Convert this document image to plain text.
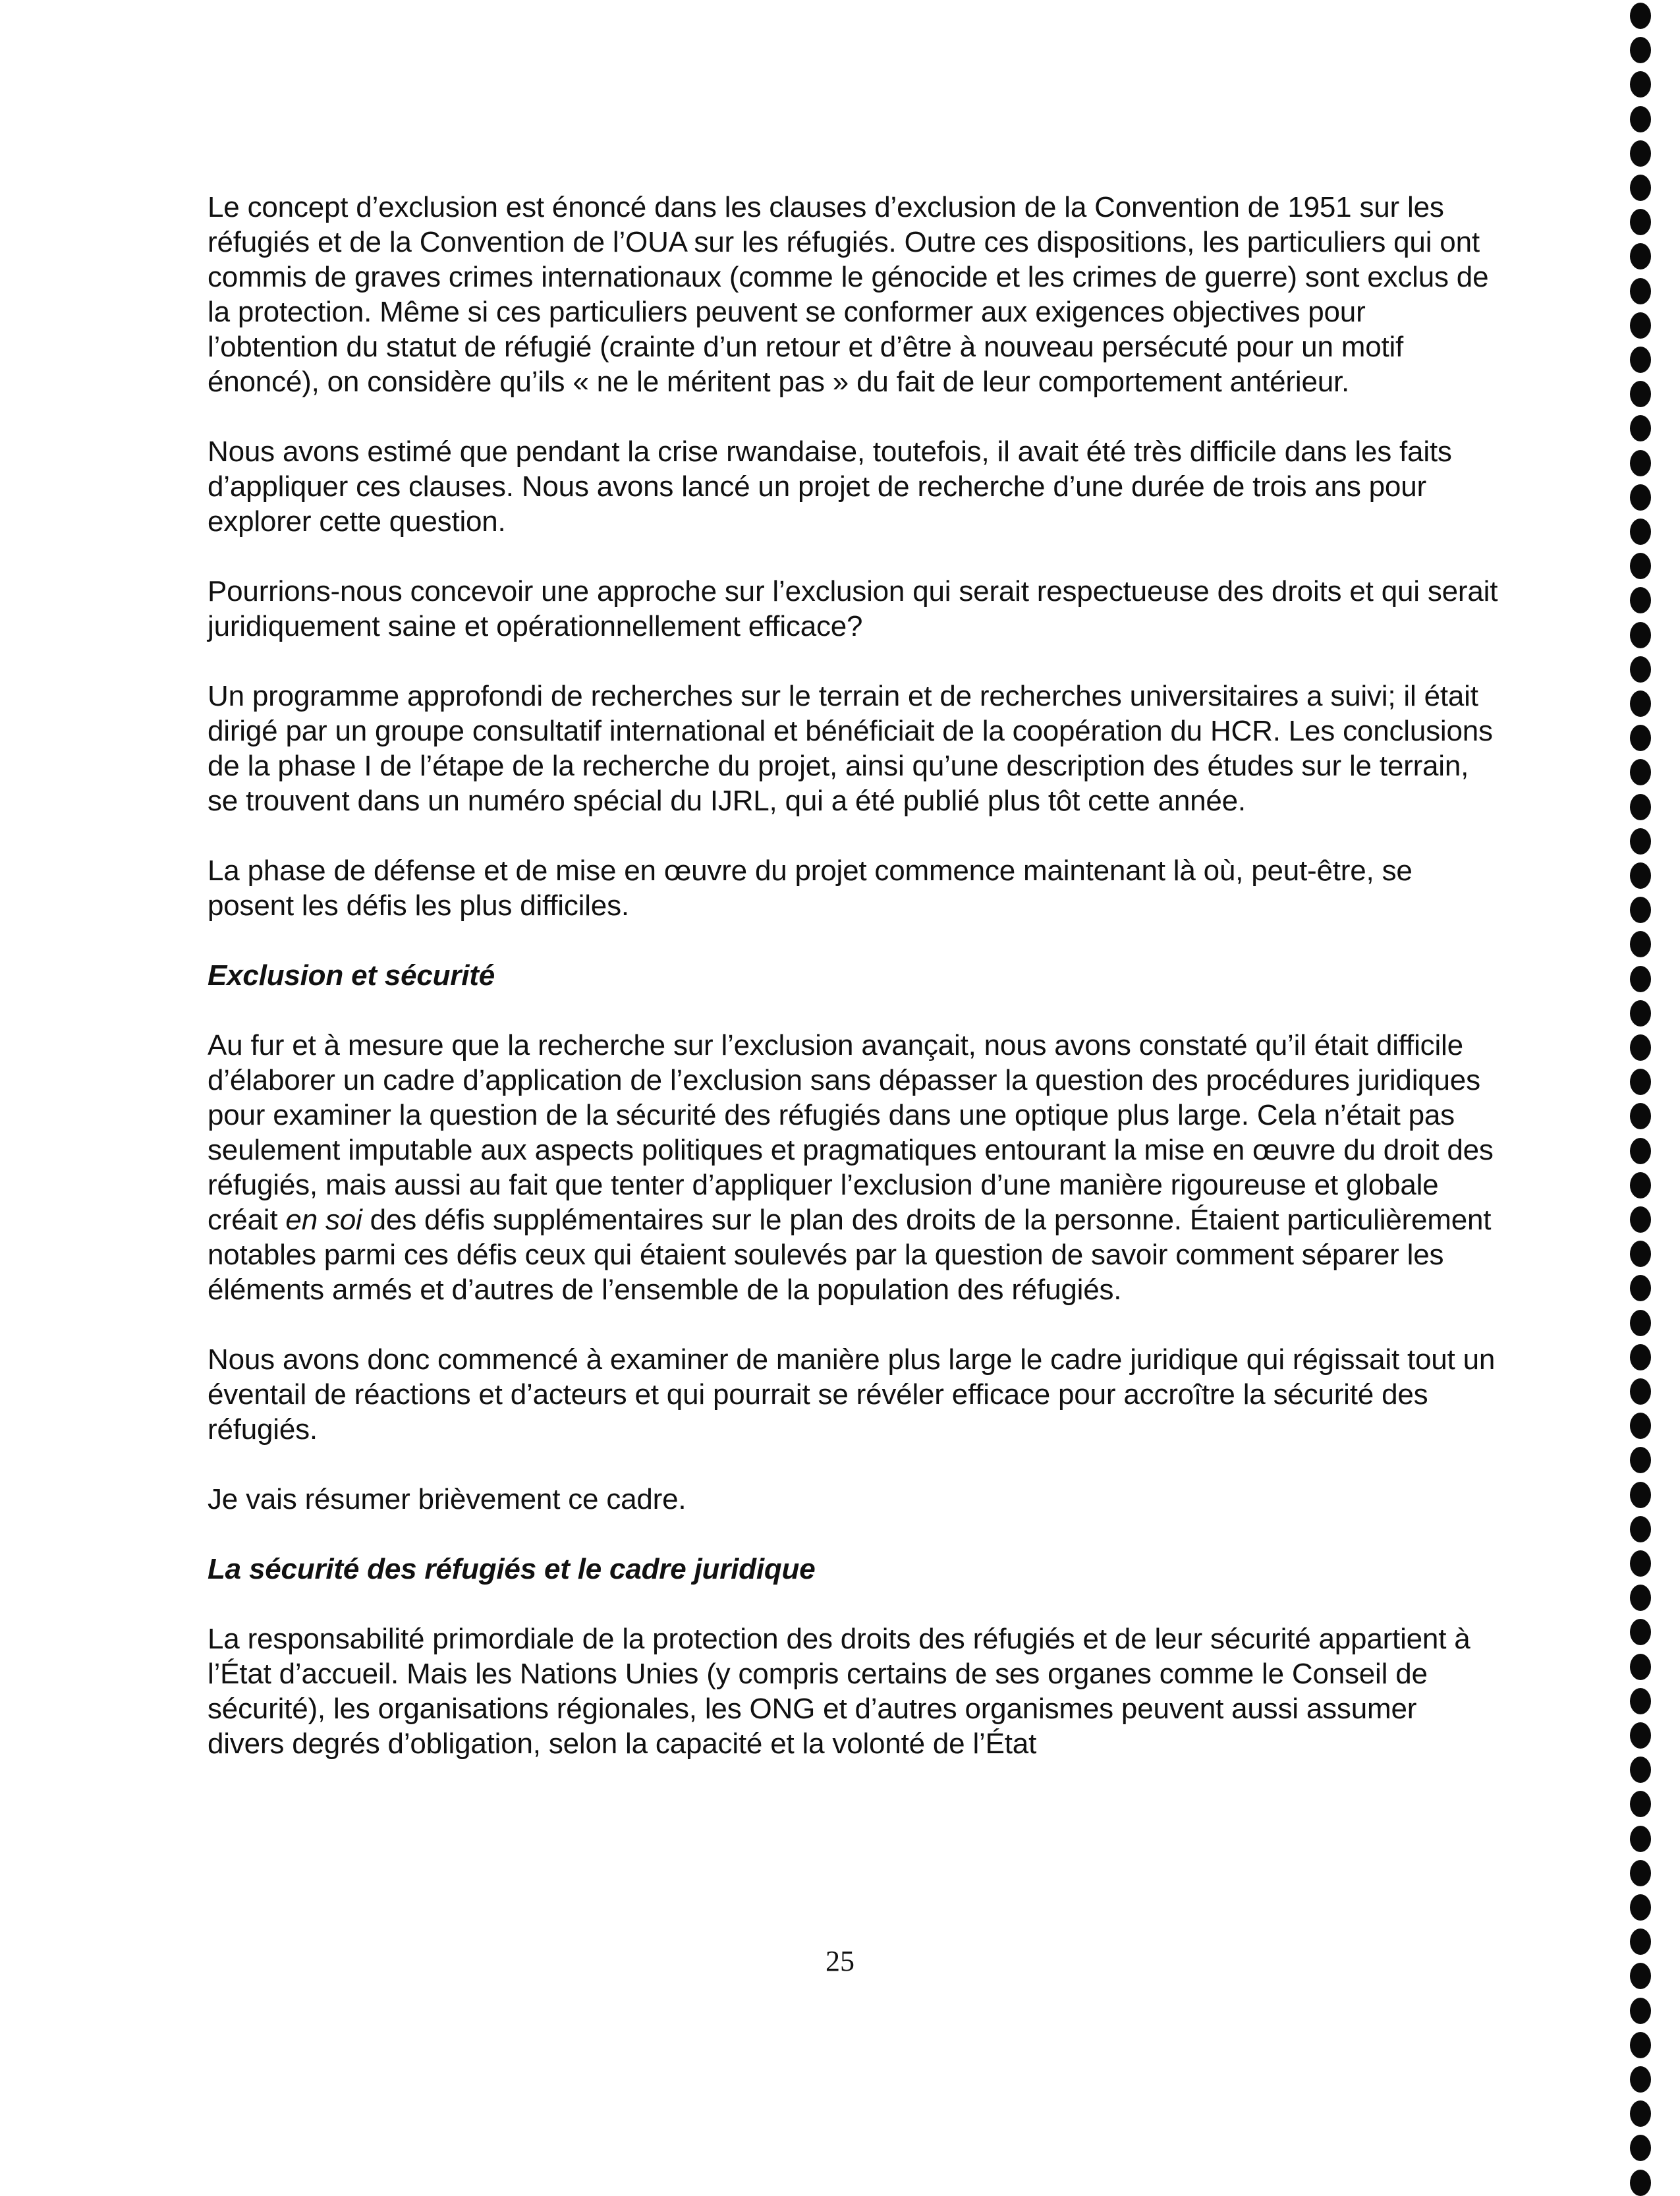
Le concept d’exclusion est énoncé dans les clauses d’exclusion de la Convention de 1951 sur les réfugiés et de la Convention de l’OUA sur les réfugiés. Outre ces dispositions, les particuliers qui ont commis de graves crimes internationaux (comme le génocide et les crimes de guerre) sont exclus de la protection. Même si ces particuliers peuvent se conformer aux exigences objectives pour l’obtention du statut de réfugié (crainte d’un retour et d’être à nouveau persécuté pour un motif énoncé), on considère qu’ils « ne le méritent pas » du fait de leur comportement antérieur.

Nous avons estimé que pendant la crise rwandaise, toutefois, il avait été très difficile dans les faits d’appliquer ces clauses. Nous avons lancé un projet de recherche d’une durée de trois ans pour explorer cette question.

Pourrions-nous concevoir une approche sur l’exclusion qui serait respectueuse des droits et qui serait juridiquement saine et opérationnellement efficace?

Un programme approfondi de recherches sur le terrain et de recherches universitaires a suivi; il était dirigé par un groupe consultatif international et bénéficiait de la coopération du HCR. Les conclusions de la phase I de l’étape de la recherche du projet, ainsi qu’une description des études sur le terrain, se trouvent dans un numéro spécial du IJRL, qui a été publié plus tôt cette année.

La phase de défense et de mise en œuvre du projet commence maintenant là où, peut-être, se posent les défis les plus difficiles.

Exclusion et sécurité

Au fur et à mesure que la recherche sur l’exclusion avançait, nous avons constaté qu’il était difficile d’élaborer un cadre d’application de l’exclusion sans dépasser la question des procédures juridiques pour examiner la question de la sécurité des réfugiés dans une optique plus large. Cela n’était pas seulement imputable aux aspects politiques et pragmatiques entourant la mise en œuvre du droit des réfugiés, mais aussi au fait que tenter d’appliquer l’exclusion d’une manière rigoureuse et globale créait en soi des défis supplémentaires sur le plan des droits de la personne. Étaient particulièrement notables parmi ces défis ceux qui étaient soulevés par la question de savoir comment séparer les éléments armés et d’autres de l’ensemble de la population des réfugiés.

Nous avons donc commencé à examiner de manière plus large le cadre juridique qui régissait tout un éventail de réactions et d’acteurs et qui pourrait se révéler efficace pour accroître la sécurité des réfugiés.

Je vais résumer brièvement ce cadre.

La sécurité des réfugiés et le cadre juridique

La responsabilité primordiale de la protection des droits des réfugiés et de leur sécurité appartient à l’État d’accueil. Mais les Nations Unies (y compris certains de ses organes comme le Conseil de sécurité), les organisations régionales, les ONG et d’autres organismes peuvent aussi assumer divers degrés d’obligation, selon la capacité et la volonté de l’État

25
